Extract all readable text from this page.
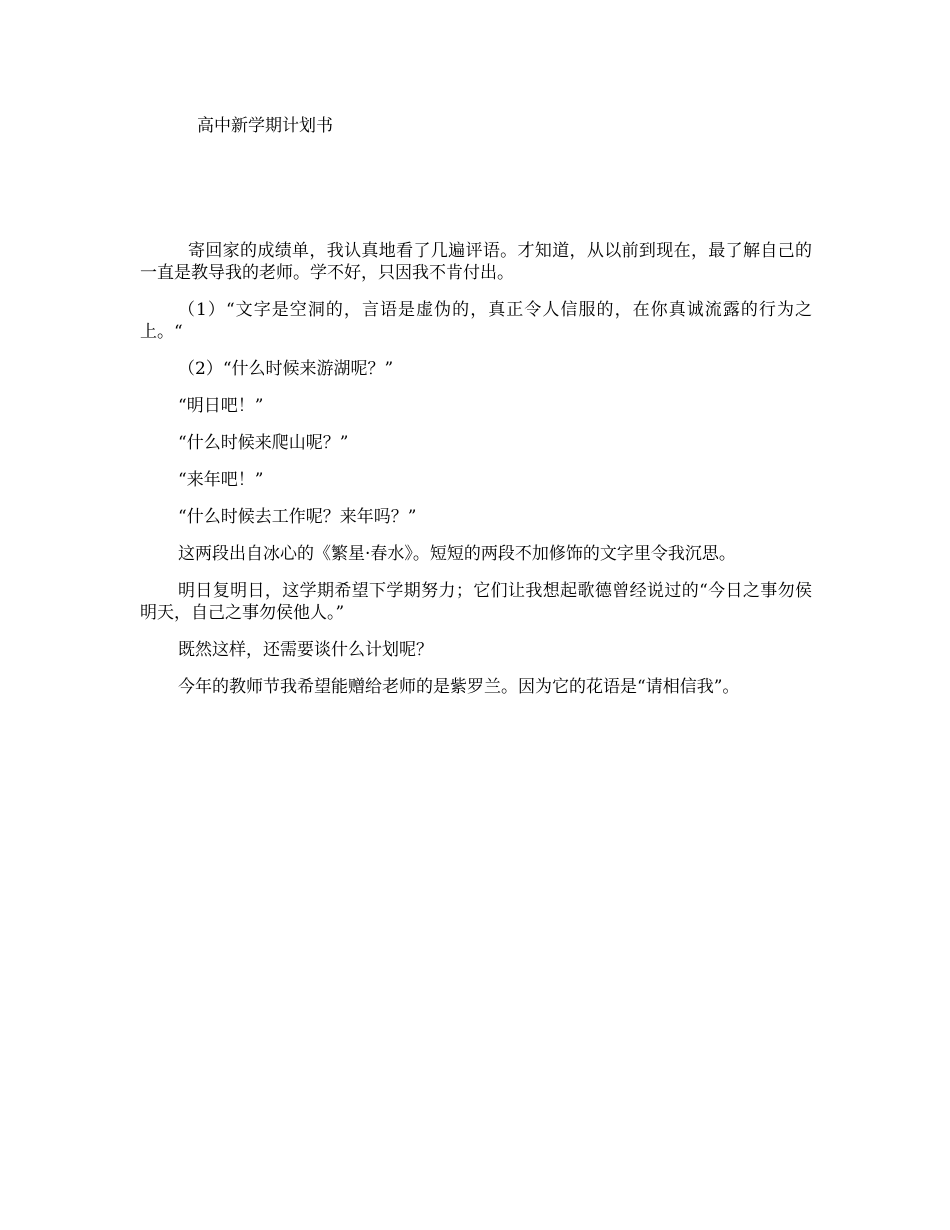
高中新学期计划书

寄回家的成绩单，我认真地看了几遍评语。才知道，从以前到现在，最了解自己的一直是教导我的老师。学不好，只因我不肯付出。

（1）“文字是空洞的，言语是虚伪的，真正令人信服的，在你真诚流露的行为之上。“

（2）“什么时候来游湖呢？”

“明日吧！”

“什么时候来爬山呢？”

“来年吧！”

“什么时候去工作呢？来年吗？”

这两段出自冰心的《繁星·春水》。短短的两段不加修饰的文字里令我沉思。

明日复明日，这学期希望下学期努力；它们让我想起歌德曾经说过的“今日之事勿侯明天，自己之事勿侯他人。”

既然这样，还需要谈什么计划呢？

今年的教师节我希望能赠给老师的是紫罗兰。因为它的花语是“请相信我”。
